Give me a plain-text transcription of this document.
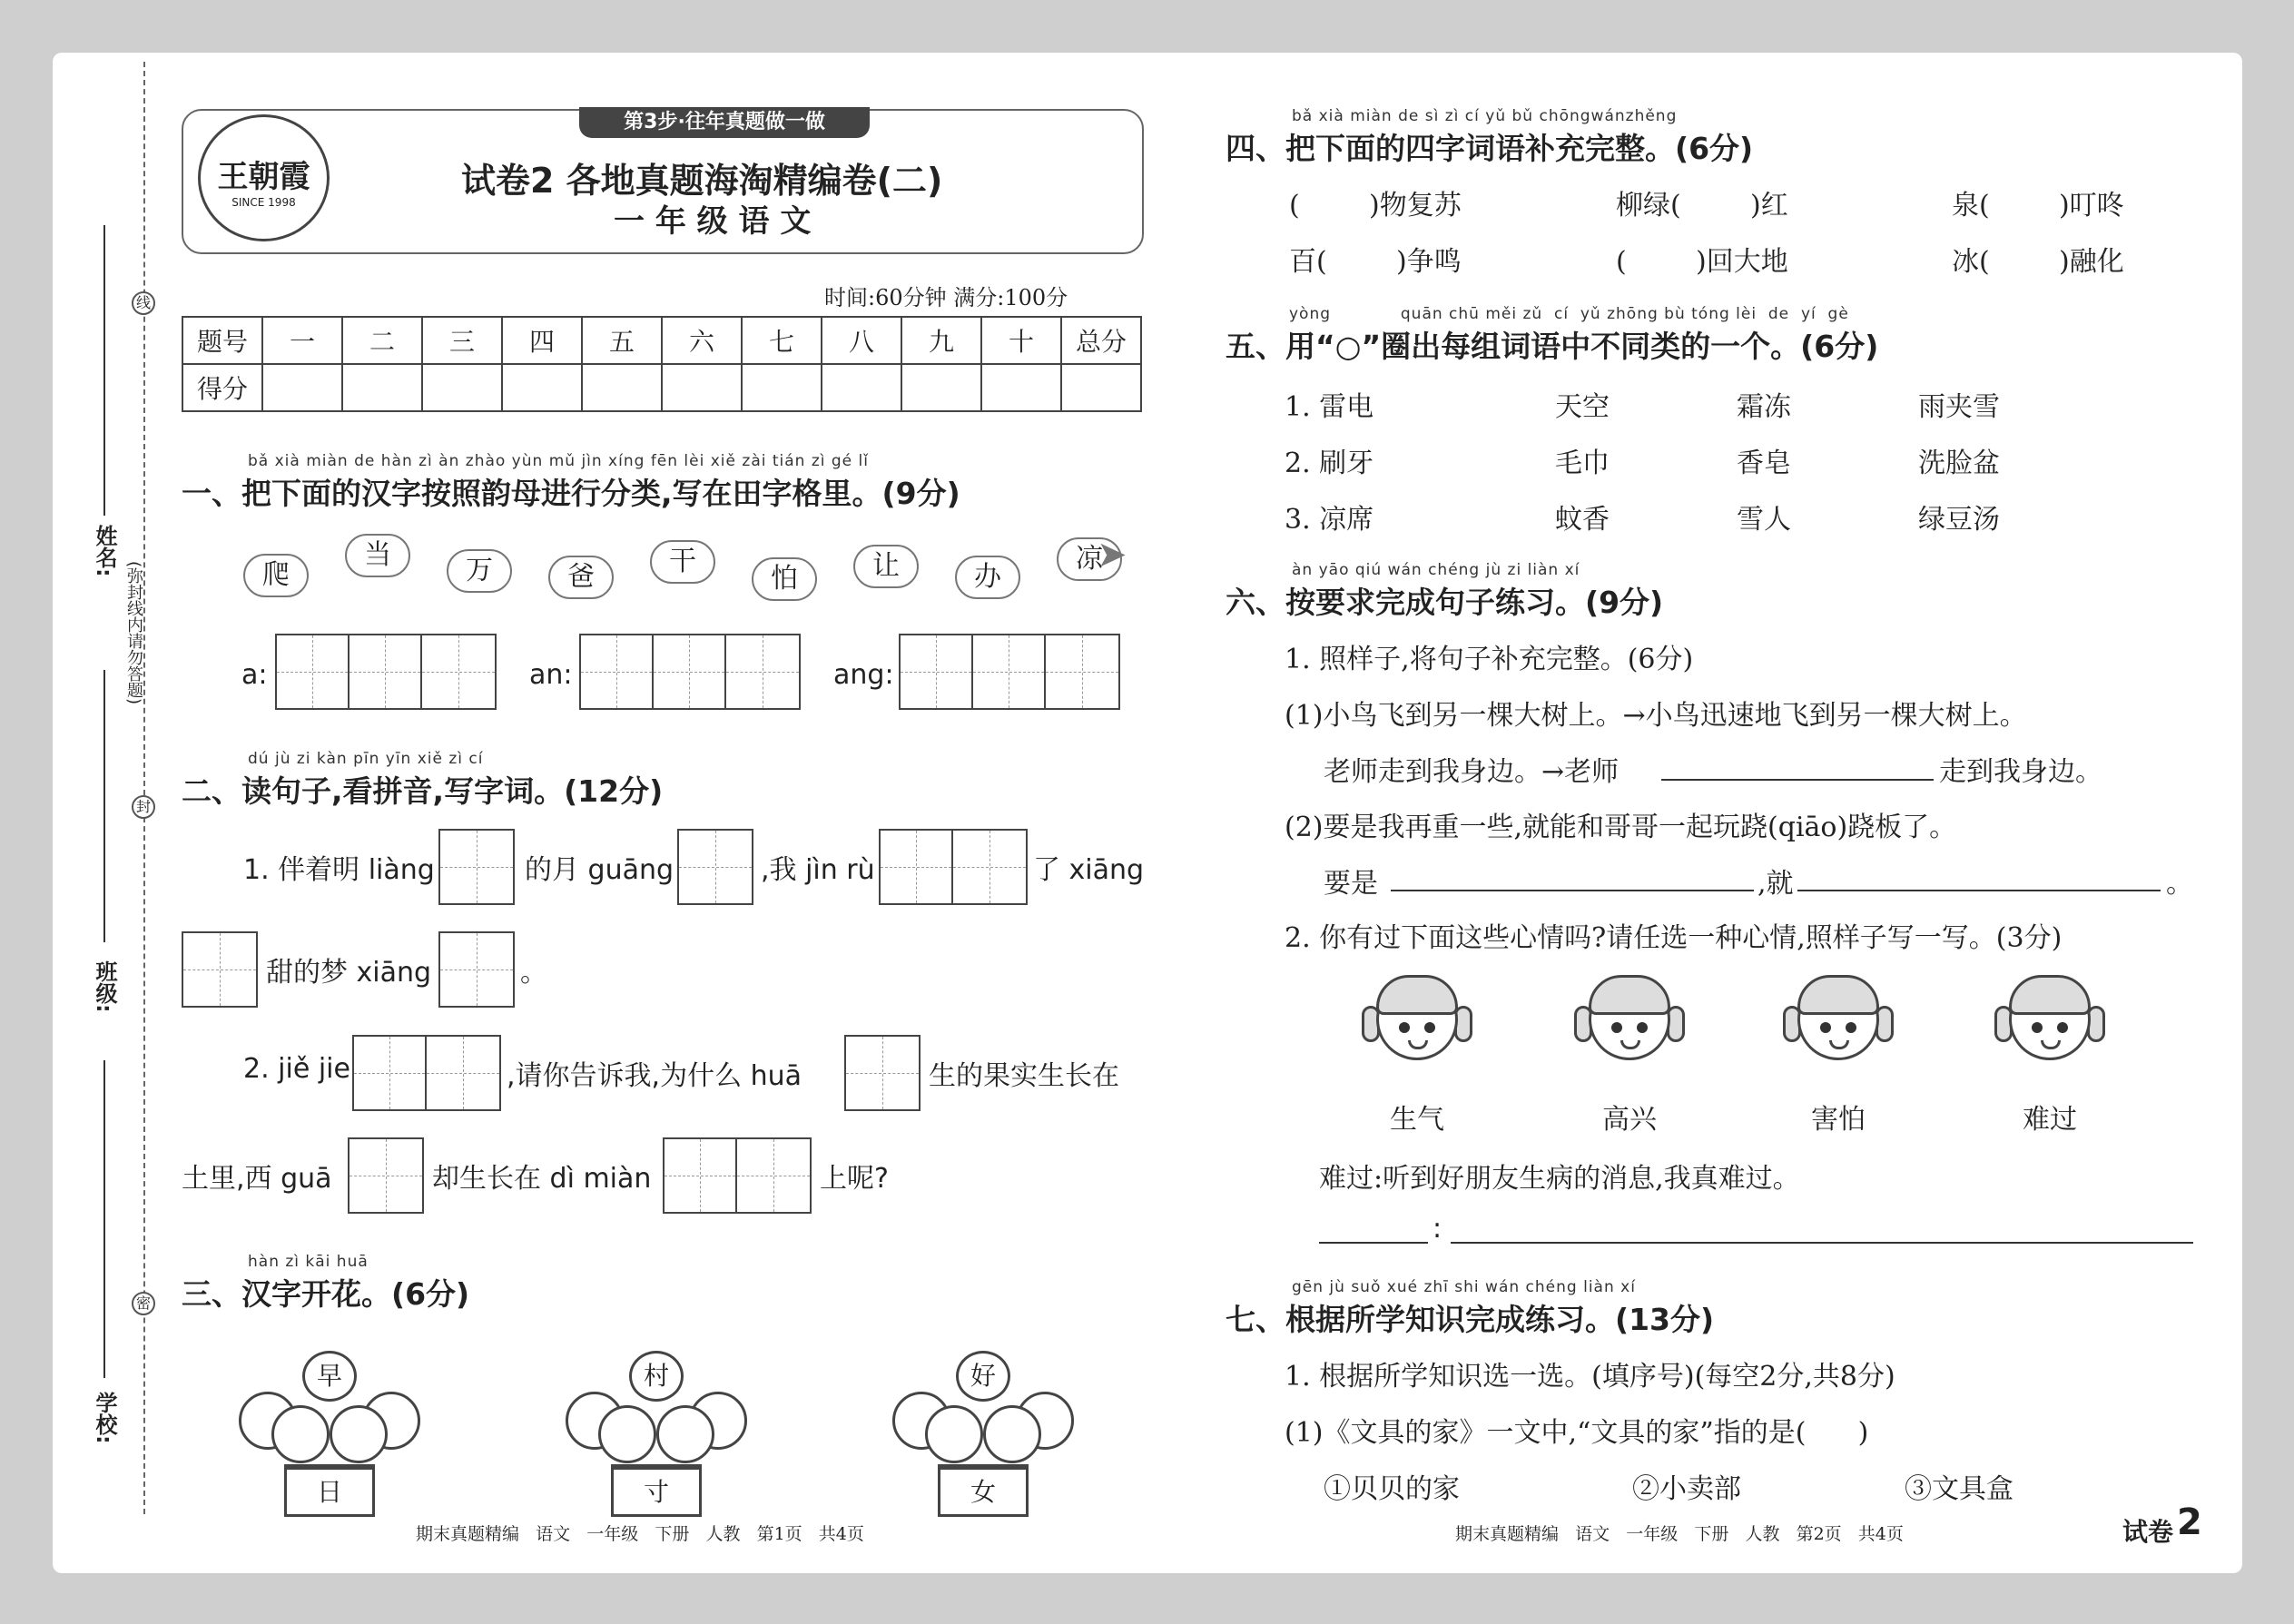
线
封
密
姓名:
班级:
学校:
(弥封线内请勿答题)
第3步·往年真题做一做
王朝霞
SINCE 1998
试卷2 各地真题海淘精编卷(二)
一 年 级 语 文
时间:60分钟 满分:100分
题号	一	二	三	四	五	六	七	八	九	十	总分
得分											
bǎ xià miàn de hàn zì àn zhào yùn mǔ jìn xíng fēn lèi xiě zài tián zì gé lǐ
一、把下面的汉字按照韵母进行分类,写在田字格里。(9分)
爬
当	万	爸	干
怕	让	办
凉
➤
a:	an:	ang:
dú jù zi kàn pīn yīn xiě zì cí
二、读句子,看拼音,写字词。(12分)
1. 伴着明 liàng	的月 guāng	,我 jìn rù	了 xiāng
甜的梦 xiāng	。
2. jiě jie	,请你告诉我,为什么 huā	生的果实生长在
土里,西 guā	却生长在 dì miàn	上呢?
hàn zì kāi huā
三、汉字开花。(6分)
早
日
村
寸
好
女
期末真题精编   语文   一年级   下册   人教   第1页   共4页
bǎ xià miàn de sì zì cí yǔ bǔ chōngwánzhěng
四、把下面的四字词语补充完整。(6分)
(        )物复苏	柳绿(        )红	泉(        )叮咚
百(        )争鸣	(        )回大地	冰(        )融化
yòng            quān chū měi zǔ  cí  yǔ zhōng bù tóng lèi  de  yí  gè
五、用“○”圈出每组词语中不同类的一个。(6分)
1. 雷电	天空	霜冻	雨夹雪
2. 刷牙	毛巾	香皂	洗脸盆
3. 凉席	蚊香	雪人	绿豆汤
àn yāo qiú wán chéng jù zi liàn xí
六、按要求完成句子练习。(9分)
1. 照样子,将句子补充完整。(6分)
(1)小鸟飞到另一棵大树上。→小鸟迅速地飞到另一棵大树上。
老师走到我身边。→老师	走到我身边。
(2)要是我再重一些,就能和哥哥一起玩跷(qiāo)跷板了。
要是	,就	。
2. 你有过下面这些心情吗?请任选一种心情,照样子写一写。(3分)
生气	高兴	害怕	难过
难过:听到好朋友生病的消息,我真难过。
:
gēn jù suǒ xué zhī shi wán chéng liàn xí
七、根据所学知识完成练习。(13分)
1. 根据所学知识选一选。(填序号)(每空2分,共8分)
(1)《文具的家》一文中,“文具的家”指的是(      )
①贝贝的家	②小卖部	③文具盒
期末真题精编   语文   一年级   下册   人教   第2页   共4页	试卷 2
